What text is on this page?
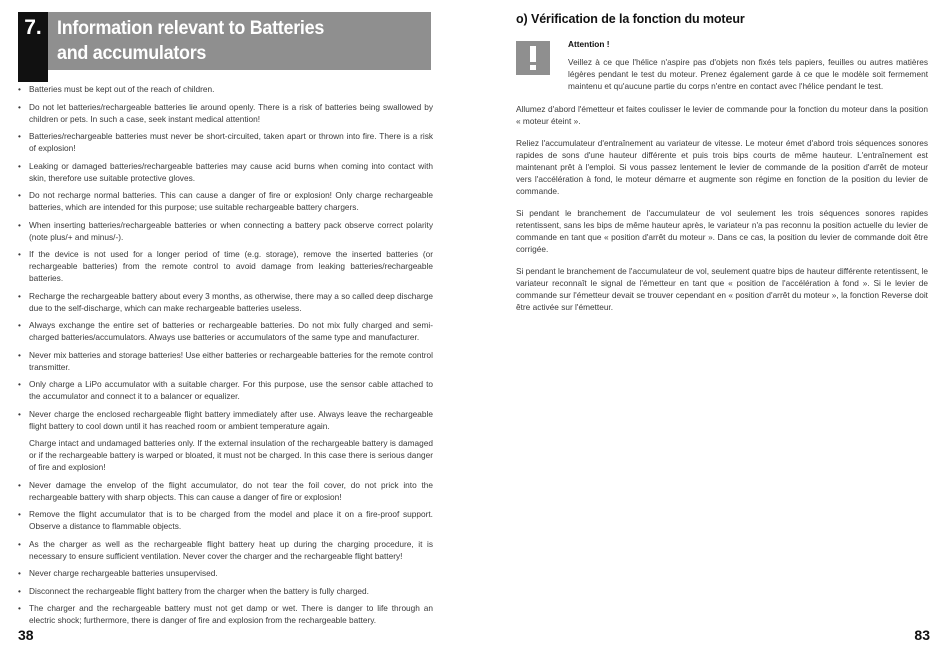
7. Information relevant to Batteries
and accumulators

• Batteries must be kept out of the reach of children.

• Do not let batteries/rechargeable batteries lie around openly. There is a risk of batteries being swallowed by children or pets. In such a case, seek instant medical attention!

• Batteries/rechargeable batteries must never be short-circuited, taken apart or thrown into fire. There is a risk of explosion!

• Leaking or damaged batteries/rechargeable batteries may cause acid burns when coming into contact with skin, therefore use suitable protective gloves.

• Do not recharge normal batteries. This can cause a danger of fire or explosion! Only charge rechargeable batteries, which are intended for this purpose; use suitable rechargeable battery chargers.

• When inserting batteries/rechargeable batteries or when connecting a battery pack observe correct polarity (note plus/+ and minus/-).

• If the device is not used for a longer period of time (e.g. storage), remove the inserted batteries (or rechargeable batteries) from the remote control to avoid damage from leaking batteries/rechargeable batteries.

• Recharge the rechargeable battery about every 3 months, as otherwise, there may a so called deep discharge due to the self-discharge, which can make rechargeable batteries useless.

• Always exchange the entire set of batteries or rechargeable batteries. Do not mix fully charged and semi-charged batteries/accumulators. Always use batteries or accumulators of the same type and manufacturer.

• Never mix batteries and storage batteries! Use either batteries or rechargeable batteries for the remote control transmitter.

• Only charge a LiPo accumulator with a suitable charger. For this purpose, use the sensor cable attached to the accumulator and connect it to a balancer or equalizer.

• Never charge the enclosed rechargeable flight battery immediately after use. Always leave the rechargeable flight battery to cool down until it has reached room or ambient temperature again.

Charge intact and undamaged batteries only. If the external insulation of the rechargeable battery is damaged or if the rechargeable battery is warped or bloated, it must not be charged. In this case there is serious danger of fire and explosion!

• Never damage the envelop of the flight accumulator, do not tear the foil cover, do not prick into the rechargeable battery with sharp objects. This can cause a danger of fire or explosion!

• Remove the flight accumulator that is to be charged from the model and place it on a fire-proof support. Observe a distance to flammable objects.

• As the charger as well as the rechargeable flight battery heat up during the charging procedure, it is necessary to ensure sufficient ventilation. Never cover the charger and the rechargeable flight battery!

• Never charge rechargeable batteries unsupervised.

• Disconnect the rechargeable flight battery from the charger when the battery is fully charged.

• The charger and the rechargeable battery must not get damp or wet. There is danger to life through an electric shock; furthermore, there is danger of fire and explosion from the rechargeable battery.

38
o) Vérification de la fonction du moteur
Attention !
Veillez à ce que l'hélice n'aspire pas d'objets non fixés tels papiers, feuilles ou autres matières légères pendant le test du moteur. Prenez également garde à ce que le modèle soit fermement maintenu et qu'aucune partie du corps n'entre en contact avec l'hélice pendant le test.

Allumez d'abord l'émetteur et faites coulisser le levier de commande pour la fonction du moteur dans la position « moteur éteint ».

Reliez l'accumulateur d'entraînement au variateur de vitesse. Le moteur émet d'abord trois séquences sonores rapides de sons d'une hauteur différente et puis trois bips courts de même hauteur. L'entraînement est maintenant prêt à l'emploi. Si vous passez lentement le levier de commande de la position d'arrêt de moteur vers l'accélération à fond, le moteur démarre et augmente son régime en fonction de la position du levier de commande.

Si pendant le branchement de l'accumulateur de vol seulement les trois séquences sonores rapides retentissent, sans les bips de même hauteur après, le variateur n'a pas reconnu la position actuelle du levier de commande en tant que « position d'arrêt du moteur ». Dans ce cas, la position du levier de commande doit être corrigée.

Si pendant le branchement de l'accumulateur de vol, seulement quatre bips de hauteur différente retentissent, le variateur reconnaît le signal de l'émetteur en tant que « position de l'accélération à fond ». Si le levier de commande sur l'émetteur devait se trouver cependant en « position d'arrêt du moteur », la fonction Reverse doit être activée sur l'émetteur.

83
